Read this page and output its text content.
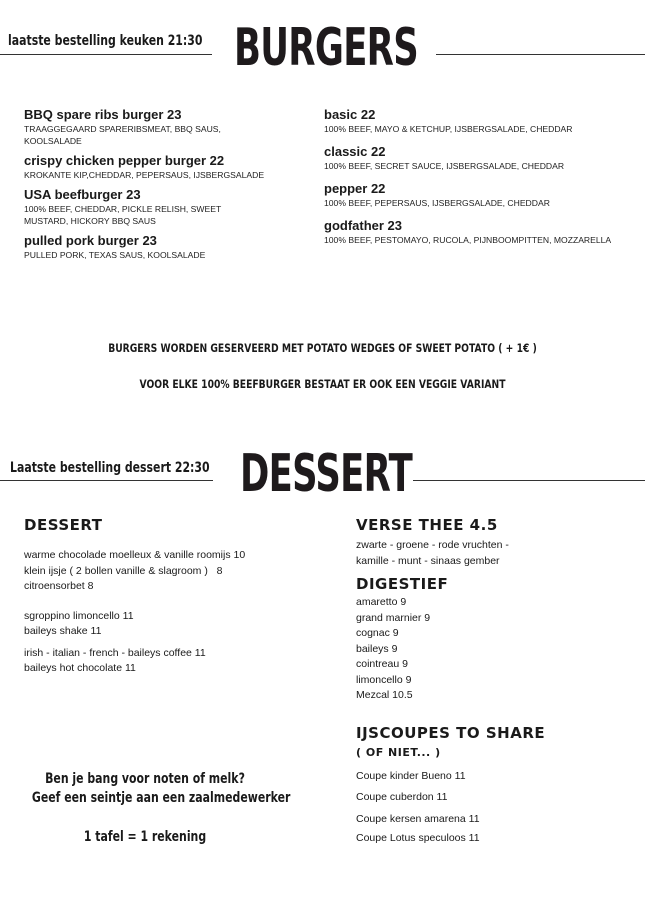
laatste bestelling keuken 21:30 BURGERS
BBQ spare ribs burger 23
TRAAGGEGAARD SPARERIBSMEAT, BBQ SAUS, KOOLSALADE
crispy chicken pepper burger 22
KROKANTE KIP,CHEDDAR, PEPERSAUS, IJSBERGSALADE
USA beefburger 23
100% BEEF, CHEDDAR, PICKLE RELISH, SWEET MUSTARD, HICKORY BBQ SAUS
pulled pork burger 23
PULLED PORK, TEXAS SAUS, KOOLSALADE
basic 22
100% BEEF, MAYO & KETCHUP, IJSBERGSALADE, CHEDDAR
classic 22
100% BEEF, SECRET SAUCE, IJSBERGSALADE, CHEDDAR
pepper 22
100% BEEF, PEPERSAUS, IJSBERGSALADE, CHEDDAR
godfather 23
100% BEEF, PESTOMAYO, RUCOLA, PIJNBOOMPITTEN, MOZZARELLA
BURGERS WORDEN GESERVEERD MET POTATO WEDGES OF SWEET POTATO ( + 1€ )
VOOR ELKE 100% BEEFBURGER BESTAAT ER OOK EEN VEGGIE VARIANT
Laatste bestelling dessert 22:30 DESSERT
DESSERT
warme chocolade moelleux & vanille roomijs 10
klein ijsje ( 2 bollen vanille & slagroom )   8
citroensorbet 8
sgroppino limoncello 11
baileys shake 11
irish - italian - french - baileys coffee 11
baileys hot chocolate 11
Ben je bang voor noten of melk?
Geef een seintje aan een zaalmedewerker
1 tafel = 1 rekening
VERSE THEE 4.5
zwarte - groene - rode vruchten -
kamille - munt - sinaas gember
DIGESTIEF
amaretto 9
grand marnier 9
cognac 9
baileys 9
cointreau 9
limoncello 9
Mezcal 10.5
IJSCOUPES TO SHARE
( OF NIET... )
Coupe kinder Bueno 11
Coupe cuberdon 11
Coupe kersen amarena 11
Coupe Lotus speculoos 11
